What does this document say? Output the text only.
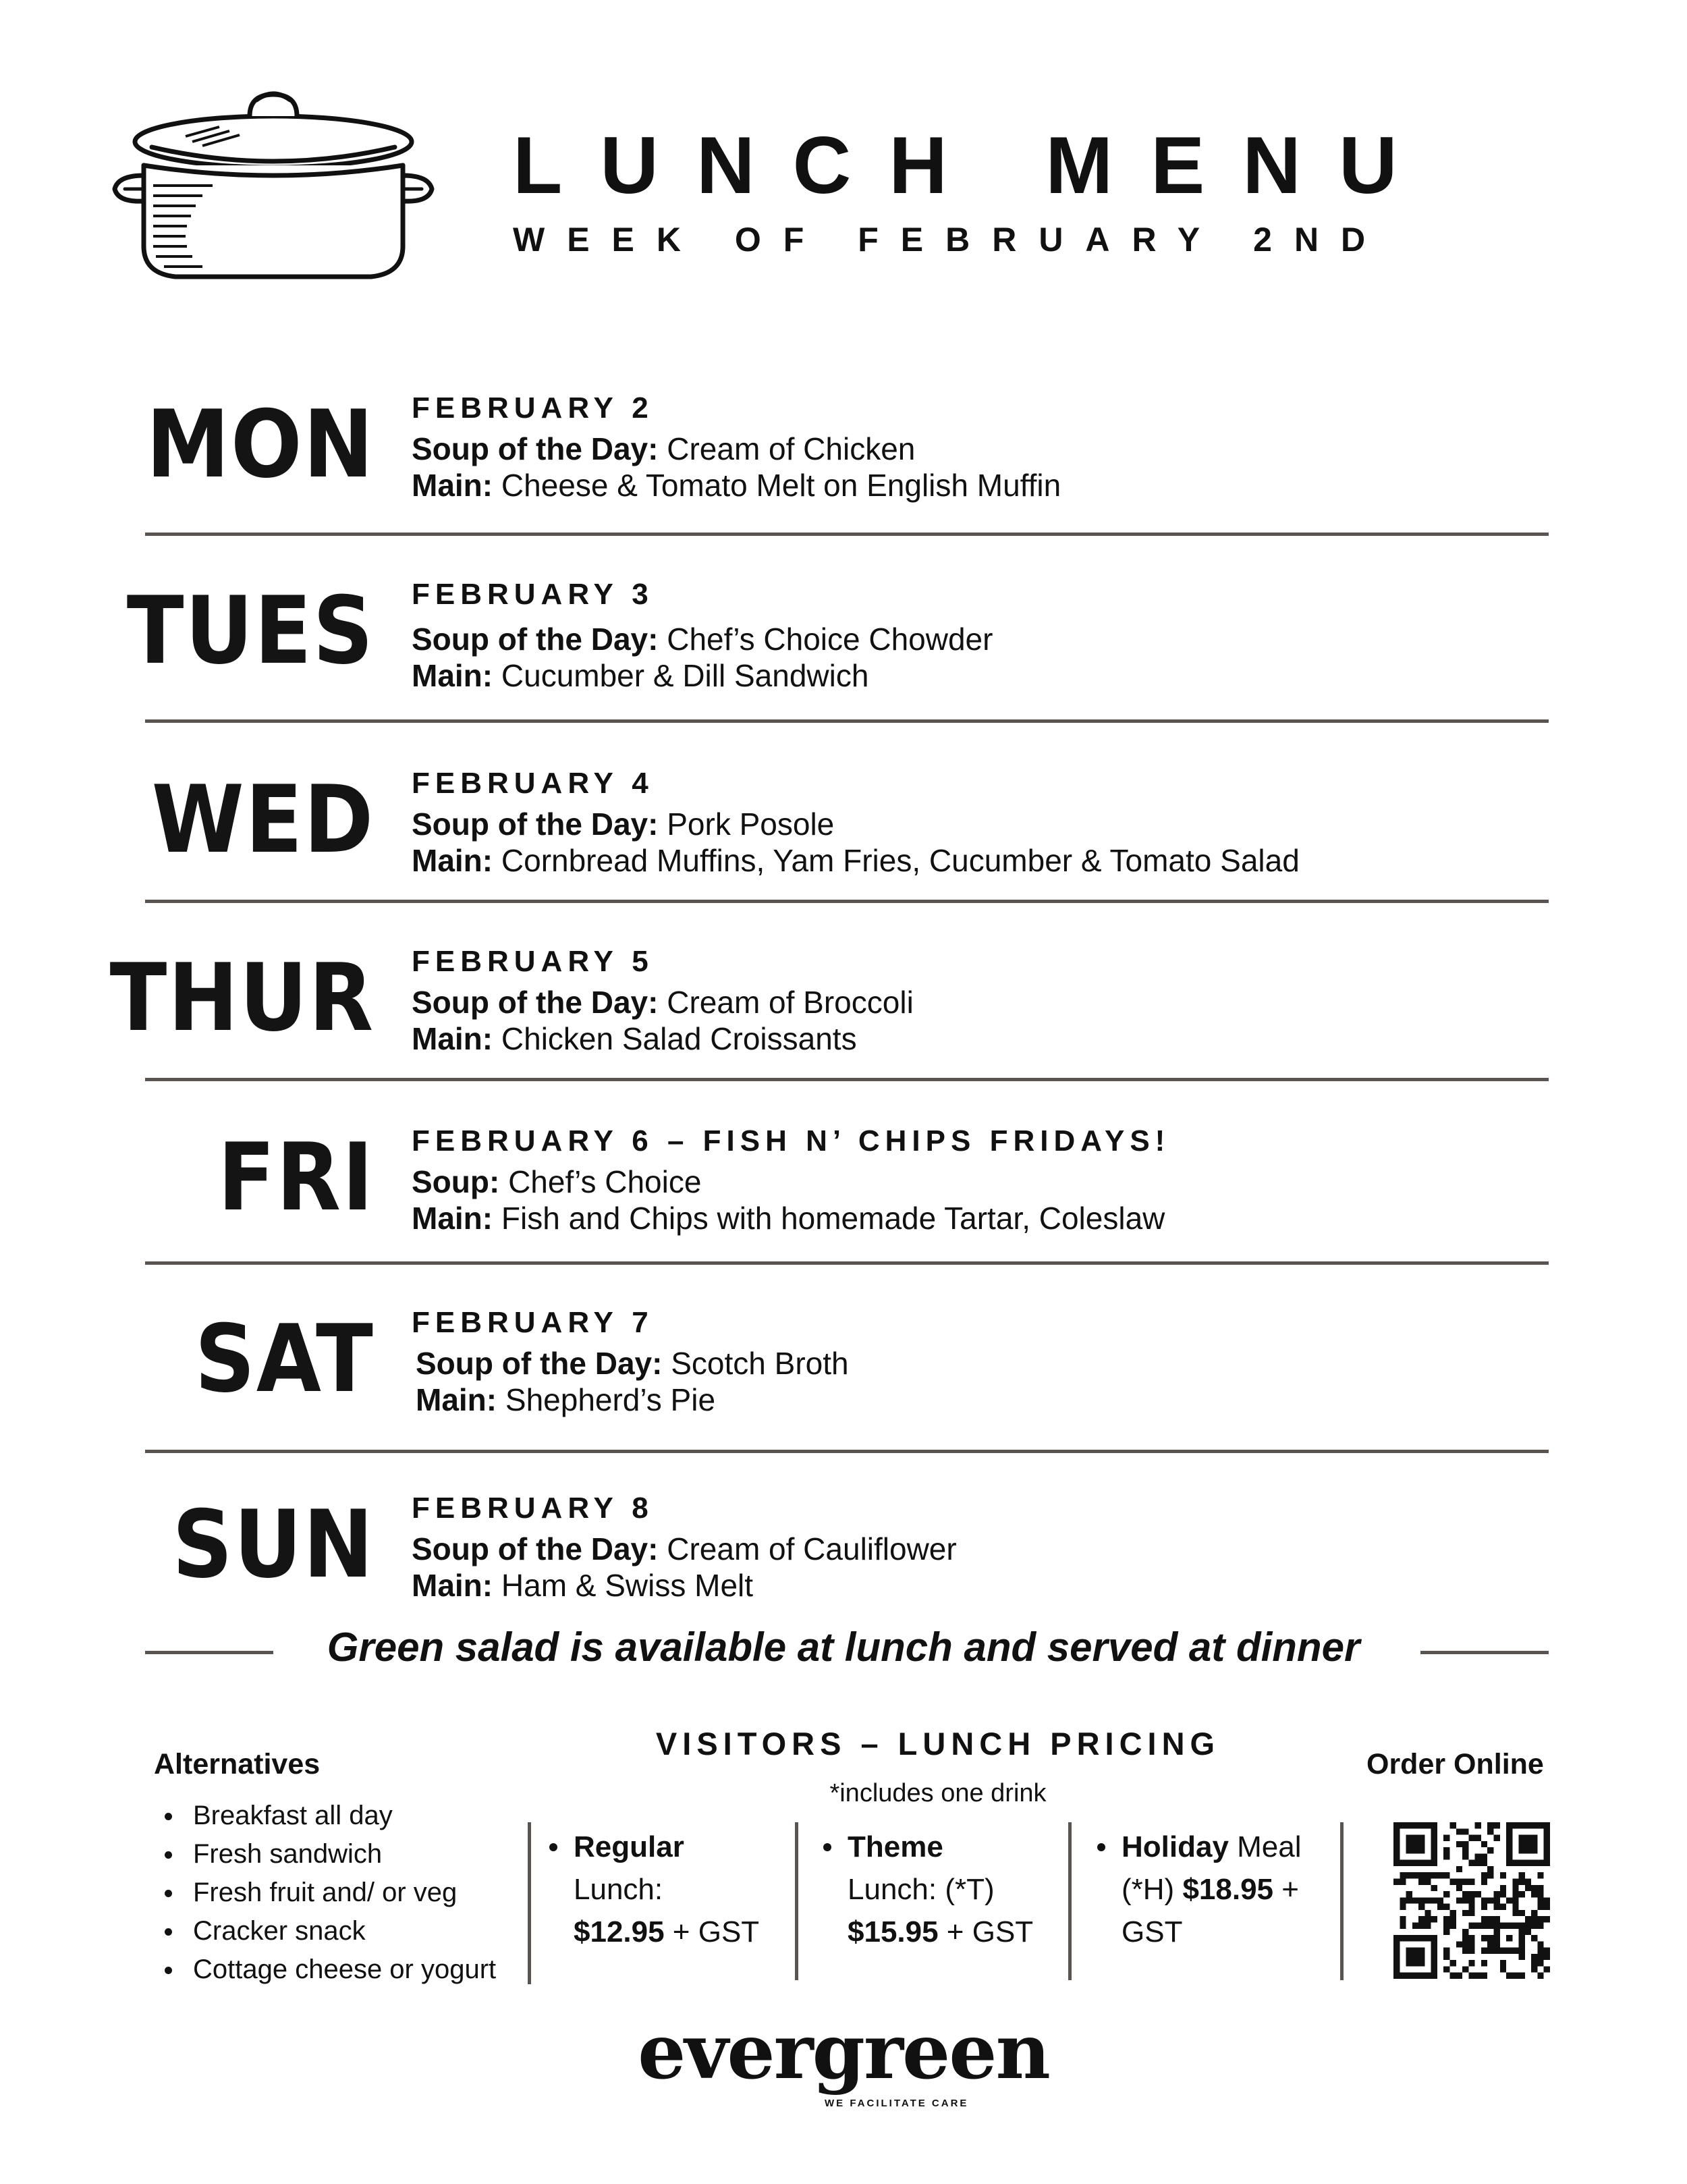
LUNCH MENU
WEEK OF FEBRUARY 2ND
MON FEBRUARY 2
Soup of the Day: Cream of Chicken
Main: Cheese & Tomato Melt on English Muffin
TUES FEBRUARY 3
Soup of the Day: Chef’s Choice Chowder
Main: Cucumber & Dill Sandwich
WED FEBRUARY 4
Soup of the Day: Pork Posole
Main: Cornbread Muffins, Yam Fries, Cucumber & Tomato Salad
THUR FEBRUARY 5
Soup of the Day: Cream of Broccoli
Main: Chicken Salad Croissants
FRI FEBRUARY 6 – FISH N’ CHIPS FRIDAYS!
Soup: Chef’s Choice
Main: Fish and Chips with homemade Tartar, Coleslaw
SAT FEBRUARY 7
Soup of the Day: Scotch Broth
Main: Shepherd’s Pie
SUN FEBRUARY 8
Soup of the Day: Cream of Cauliflower
Main: Ham & Swiss Melt
Green salad is available at lunch and served at dinner
Alternatives
Breakfast all day
Fresh sandwich
Fresh fruit and/ or veg
Cracker snack
Cottage cheese or yogurt
VISITORS – LUNCH PRICING
*includes one drink
Regular
Lunch:
$12.95 + GST
Theme
Lunch: (*T)
$15.95 + GST
Holiday Meal
(*H) $18.95 +
GST
Order Online
evergreen
WE FACILITATE CARE
